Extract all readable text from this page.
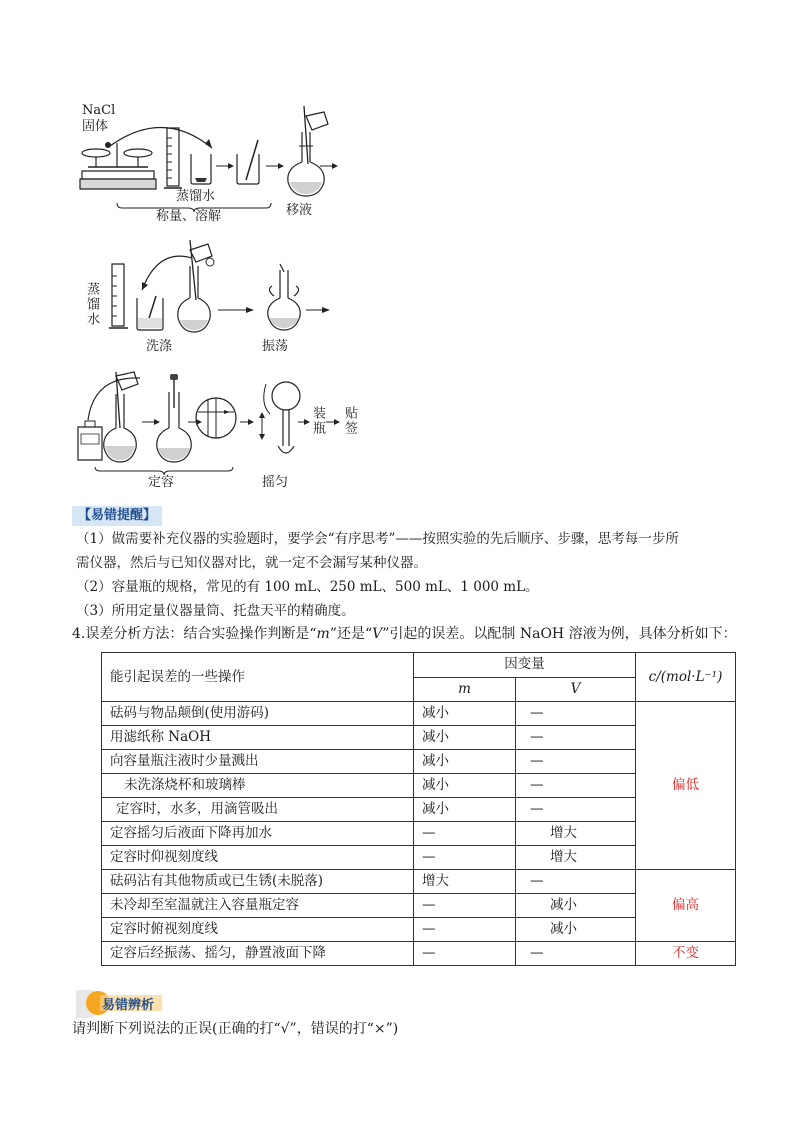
NaCl
固体
蒸馏水
称量、溶解	移液
蒸馏水
洗涤	振荡
装瓶 贴签
定容	摇匀
【易错提醒】
（1）做需要补充仪器的实验题时，要学会“有序思考”——按照实验的先后顺序、步骤，思考每一步所
需仪器，然后与已知仪器对比，就一定不会漏写某种仪器。
（2）容量瓶的规格，常见的有 100 mL、250 mL、500 mL、1 000 mL。
（3）所用定量仪器量筒、托盘天平的精确度。
4.误差分析方法：结合实验操作判断是“m”还是“V”引起的误差。以配制 NaOH 溶液为例，具体分析如下：
能引起误差的一些操作	因变量		c/(mol·L⁻¹)
	m	V	
砝码与物品颠倒(使用游码)	减小	—	偏低
用滤纸称 NaOH	减小	—	
向容量瓶注液时少量溅出	减小	—	
未洗涤烧杯和玻璃棒	减小	—	
定容时，水多，用滴管吸出	减小	—	
定容摇匀后液面下降再加水	—	增大	
定容时仰视刻度线	—	增大	
砝码沾有其他物质或已生锈(未脱落)	增大	—	偏高
未冷却至室温就注入容量瓶定容	—	减小	
定容时俯视刻度线	—	减小	
定容后经振荡、摇匀，静置液面下降	—	—	不变
易错辨析
请判断下列说法的正误(正确的打“√”，错误的打“×”)
